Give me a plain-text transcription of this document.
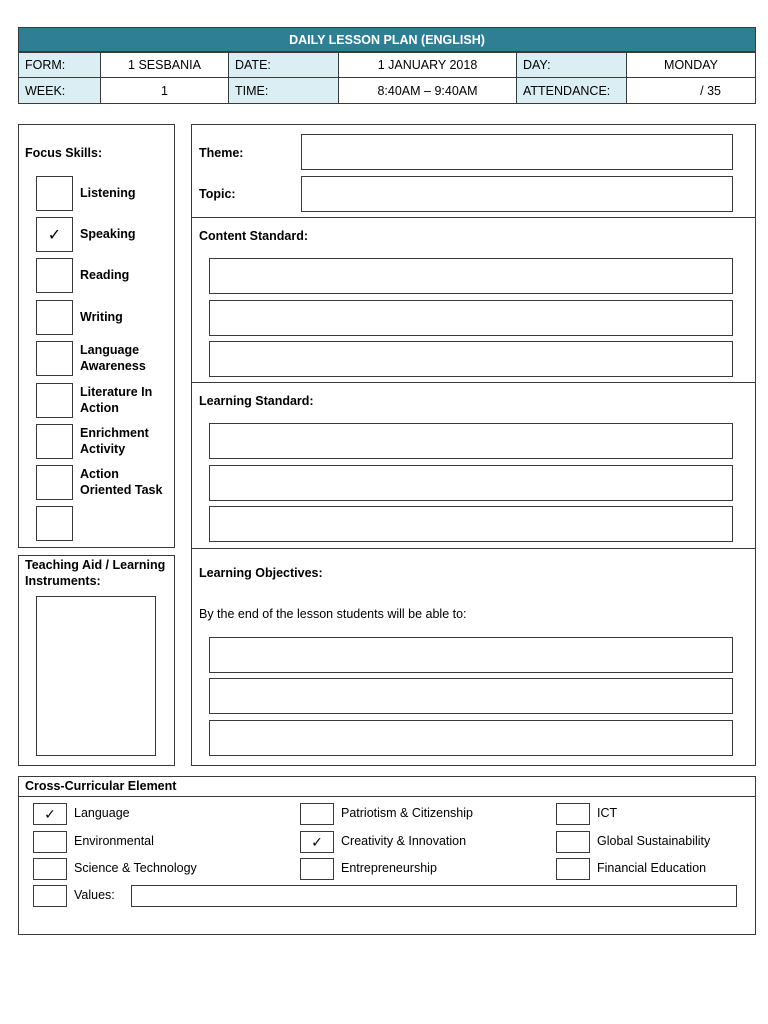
DAILY LESSON PLAN (ENGLISH)
FORM:	1 SESBANIA	DATE:	1 JANUARY 2018	DAY:	MONDAY
WEEK:	1	TIME:	8:40AM – 9:40AM	ATTENDANCE:	/ 35
Focus Skills:
Listening
✓	Speaking
Reading
Writing
Language
Awareness
Literature In
Action
Enrichment
Activity
Action
Oriented Task
Teaching Aid / Learning
Instruments:
Theme:
Topic:
Content Standard:
Learning Standard:
Learning Objectives:
By the end of the lesson students will be able to:
Cross-Curricular Element
✓	Language
Environmental
Science & Technology
Values:
Patriotism & Citizenship
✓	Creativity & Innovation
Entrepreneurship
ICT
Global Sustainability
Financial Education
